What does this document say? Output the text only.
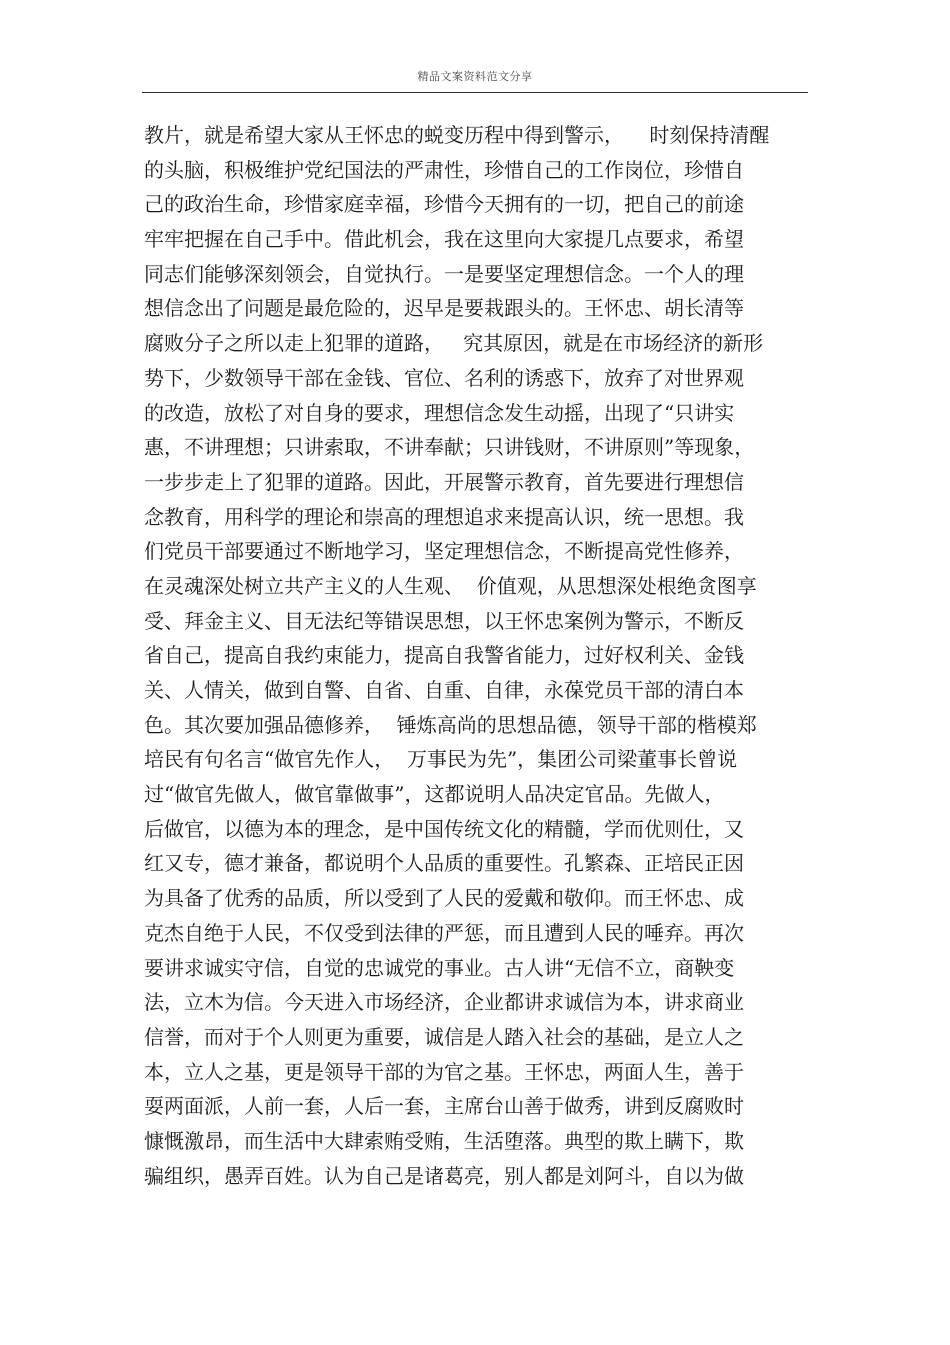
精品文案资料范文分享
教片，就是希望大家从王怀忠的蜕变历程中得到警示，    时刻保持清醒
的头脑，积极维护党纪国法的严肃性，珍惜自己的工作岗位，珍惜自
己的政治生命，珍惜家庭幸福，珍惜今天拥有的一切，把自己的前途
牢牢把握在自己手中。借此机会，我在这里向大家提几点要求，希望
同志们能够深刻领会，自觉执行。一是要坚定理想信念。一个人的理
想信念出了问题是最危险的，迟早是要栽跟头的。王怀忠、胡长清等
腐败分子之所以走上犯罪的道路，   究其原因，就是在市场经济的新形
势下，少数领导干部在金钱、官位、名利的诱惑下，放弃了对世界观
的改造，放松了对自身的要求，理想信念发生动摇，出现了“只讲实
惠，不讲理想；只讲索取，不讲奉献；只讲钱财，不讲原则”等现象，
一步步走上了犯罪的道路。因此，开展警示教育，首先要进行理想信
念教育，用科学的理论和崇高的理想追求来提高认识，统一思想。我
们党员干部要通过不断地学习，坚定理想信念，不断提高党性修养，
在灵魂深处树立共产主义的人生观、  价值观，从思想深处根绝贪图享
受、拜金主义、目无法纪等错误思想，以王怀忠案例为警示，不断反
省自己，提高自我约束能力，提高自我警省能力，过好权利关、金钱
关、人情关，做到自警、自省、自重、自律，永葆党员干部的清白本
色。其次要加强品德修养，  锤炼高尚的思想品德，领导干部的楷模郑
培民有句名言“做官先作人，  万事民为先”，集团公司梁董事长曾说
过“做官先做人，做官靠做事”，这都说明人品决定官品。先做人，
后做官，以德为本的理念，是中国传统文化的精髓，学而优则仕，又
红又专，德才兼备，都说明个人品质的重要性。孔繁森、正培民正因
为具备了优秀的品质，所以受到了人民的爱戴和敬仰。而王怀忠、成
克杰自绝于人民，不仅受到法律的严惩，而且遭到人民的唾弃。再次
要讲求诚实守信，自觉的忠诚党的事业。古人讲“无信不立，商鞅变
法，立木为信。今天进入市场经济，企业都讲求诚信为本，讲求商业
信誉，而对于个人则更为重要，诚信是人踏入社会的基础，是立人之
本，立人之基，更是领导干部的为官之基。王怀忠，两面人生，善于
耍两面派，人前一套，人后一套，主席台山善于做秀，讲到反腐败时
慷慨激昂，而生活中大肆索贿受贿，生活堕落。典型的欺上瞒下，欺
骗组织，愚弄百姓。认为自己是诸葛亮，别人都是刘阿斗，自以为做
